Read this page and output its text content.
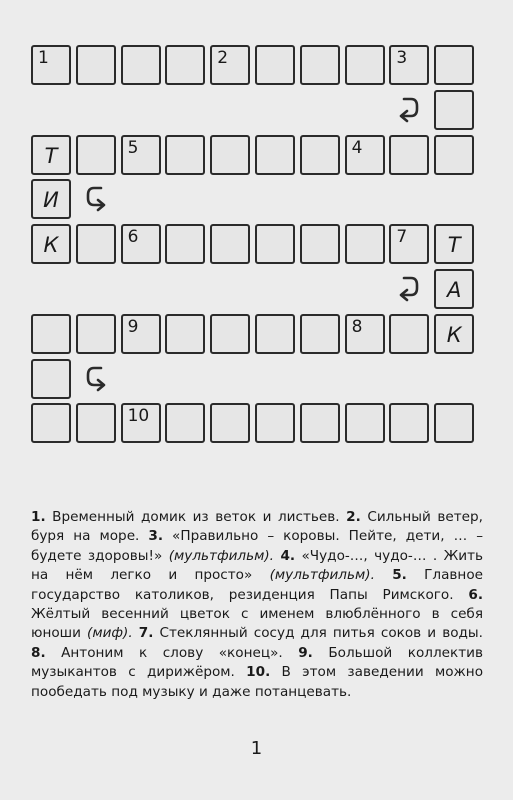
1	2	3
Т	5	4
И
К	6	7	Т
А
9	8	К
10

1. Временный домик из веток и листьев. 2. Сильный ветер, буря на море. 3. «Правильно – коровы. Пейте, дети, … – будете здоровы!» (мультфильм). 4. «Чудо-…, чудо-… . Жить на нём легко и просто» (мультфильм). 5. Главное государство католиков, резиденция Папы Римского. 6. Жёлтый весенний цветок с именем влюблённого в себя юноши (миф). 7. Стеклянный сосуд для питья соков и воды. 8. Антоним к слову «конец». 9. Большой коллектив музыкантов с дирижёром. 10. В этом заведении можно пообедать под музыку и даже потанцевать.

1
